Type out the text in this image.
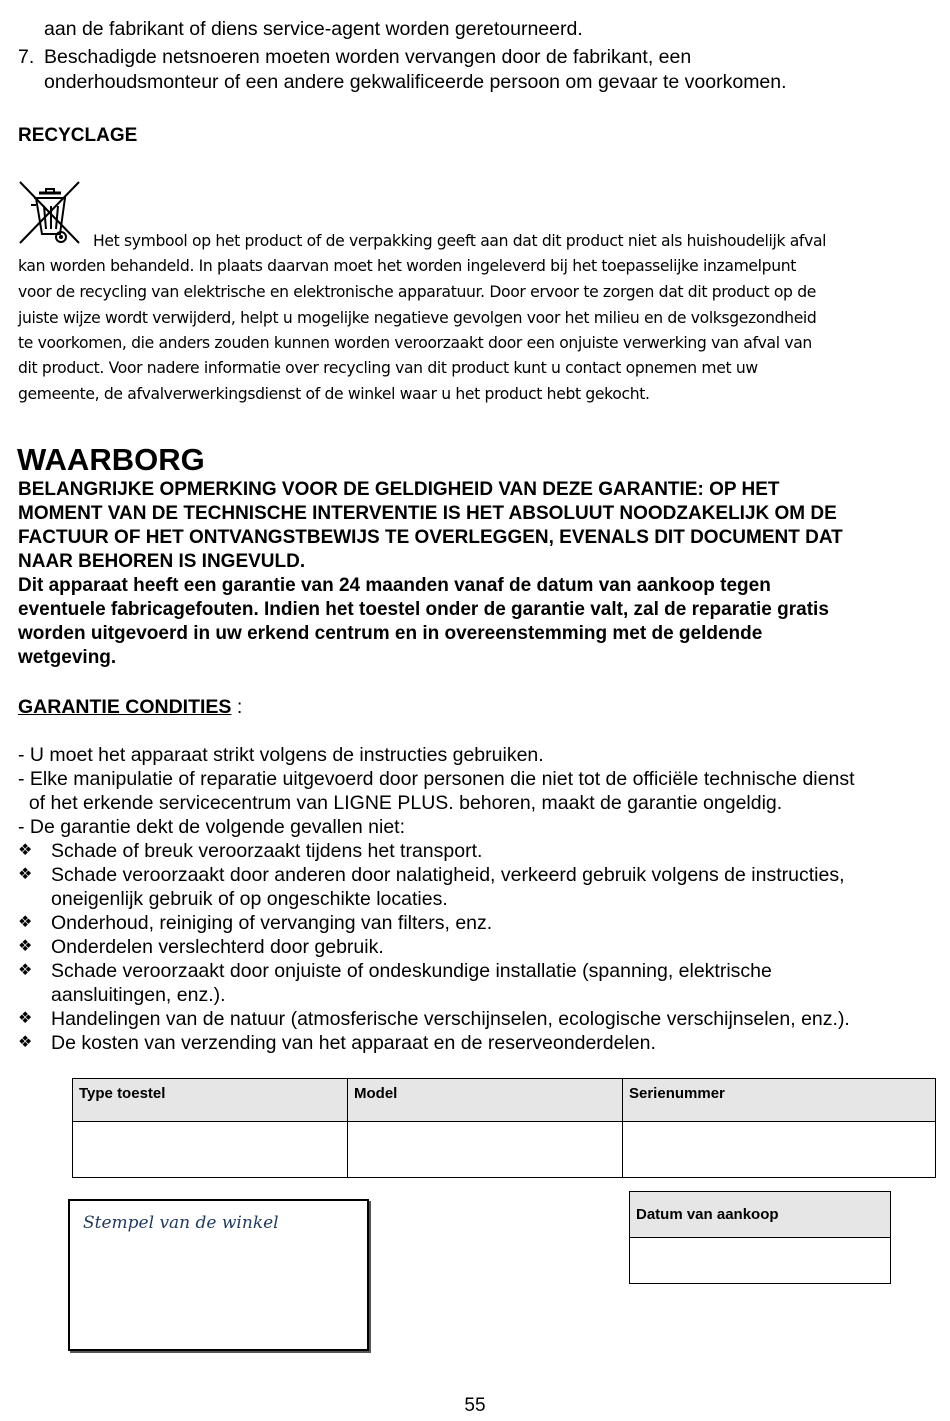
aan de fabrikant of diens service-agent worden geretourneerd.
7. Beschadigde netsnoeren moeten worden vervangen door de fabrikant, een
onderhoudsmonteur of een andere gekwalificeerde persoon om gevaar te voorkomen.
RECYCLAGE
Het symbool op het product of de verpakking geeft aan dat dit product niet als huishoudelijk afval
kan worden behandeld. In plaats daarvan moet het worden ingeleverd bij het toepasselijke inzamelpunt
voor de recycling van elektrische en elektronische apparatuur. Door ervoor te zorgen dat dit product op de
juiste wijze wordt verwijderd, helpt u mogelijke negatieve gevolgen voor het milieu en de volksgezondheid
te voorkomen, die anders zouden kunnen worden veroorzaakt door een onjuiste verwerking van afval van
dit product. Voor nadere informatie over recycling van dit product kunt u contact opnemen met uw
gemeente, de afvalverwerkingsdienst of de winkel waar u het product hebt gekocht.
WAARBORG
BELANGRIJKE OPMERKING VOOR DE GELDIGHEID VAN DEZE GARANTIE: OP HET
MOMENT VAN DE TECHNISCHE INTERVENTIE IS HET ABSOLUUT NOODZAKELIJK OM DE
FACTUUR OF HET ONTVANGSTBEWIJS TE OVERLEGGEN, EVENALS DIT DOCUMENT DAT
NAAR BEHOREN IS INGEVULD.
Dit apparaat heeft een garantie van 24 maanden vanaf de datum van aankoop tegen
eventuele fabricagefouten. Indien het toestel onder de garantie valt, zal de reparatie gratis
worden uitgevoerd in uw erkend centrum en in overeenstemming met de geldende
wetgeving.
GARANTIE CONDITIES :
- U moet het apparaat strikt volgens de instructies gebruiken.
- Elke manipulatie of reparatie uitgevoerd door personen die niet tot de officiële technische dienst
of het erkende servicecentrum van LIGNE PLUS. behoren, maakt de garantie ongeldig.
- De garantie dekt de volgende gevallen niet:
❖ Schade of breuk veroorzaakt tijdens het transport.
❖ Schade veroorzaakt door anderen door nalatigheid, verkeerd gebruik volgens de instructies,
oneigenlijk gebruik of op ongeschikte locaties.
❖ Onderhoud, reiniging of vervanging van filters, enz.
❖ Onderdelen verslechterd door gebruik.
❖ Schade veroorzaakt door onjuiste of ondeskundige installatie (spanning, elektrische
aansluitingen, enz.).
❖ Handelingen van de natuur (atmosferische verschijnselen, ecologische verschijnselen, enz.).
❖ De kosten van verzending van het apparaat en de reserveonderdelen.
Type toestel	Model	Serienummer

Stempel van de winkel	Datum van aankoop

55
